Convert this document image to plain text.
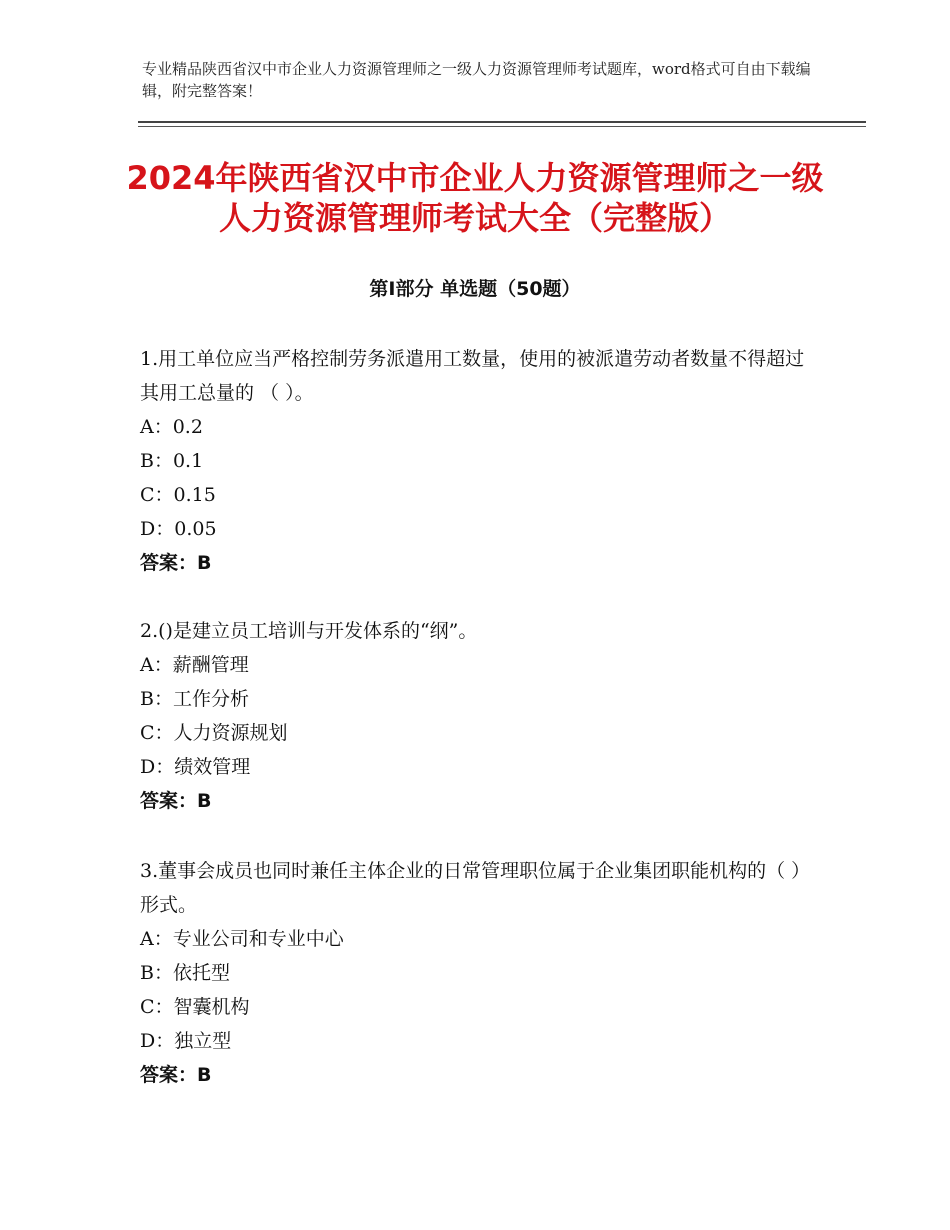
专业精品陕西省汉中市企业人力资源管理师之一级人力资源管理师考试题库，word格式可自由下载编辑，附完整答案！
2024年陕西省汉中市企业人力资源管理师之一级人力资源管理师考试大全（完整版）
第Ⅰ部分 单选题（50题）

1.用工单位应当严格控制劳务派遣用工数量，使用的被派遣劳动者数量不得超过其用工总量的 （ ）。

A：0.2

B：0.1

C：0.15

D：0.05

答案：B

2.()是建立员工培训与开发体系的“纲”。

A：薪酬管理

B：工作分析

C：人力资源规划

D：绩效管理

答案：B

3.董事会成员也同时兼任主体企业的日常管理职位属于企业集团职能机构的（ ） 形式。

A：专业公司和专业中心

B：依托型

C：智囊机构

D：独立型

答案：B
